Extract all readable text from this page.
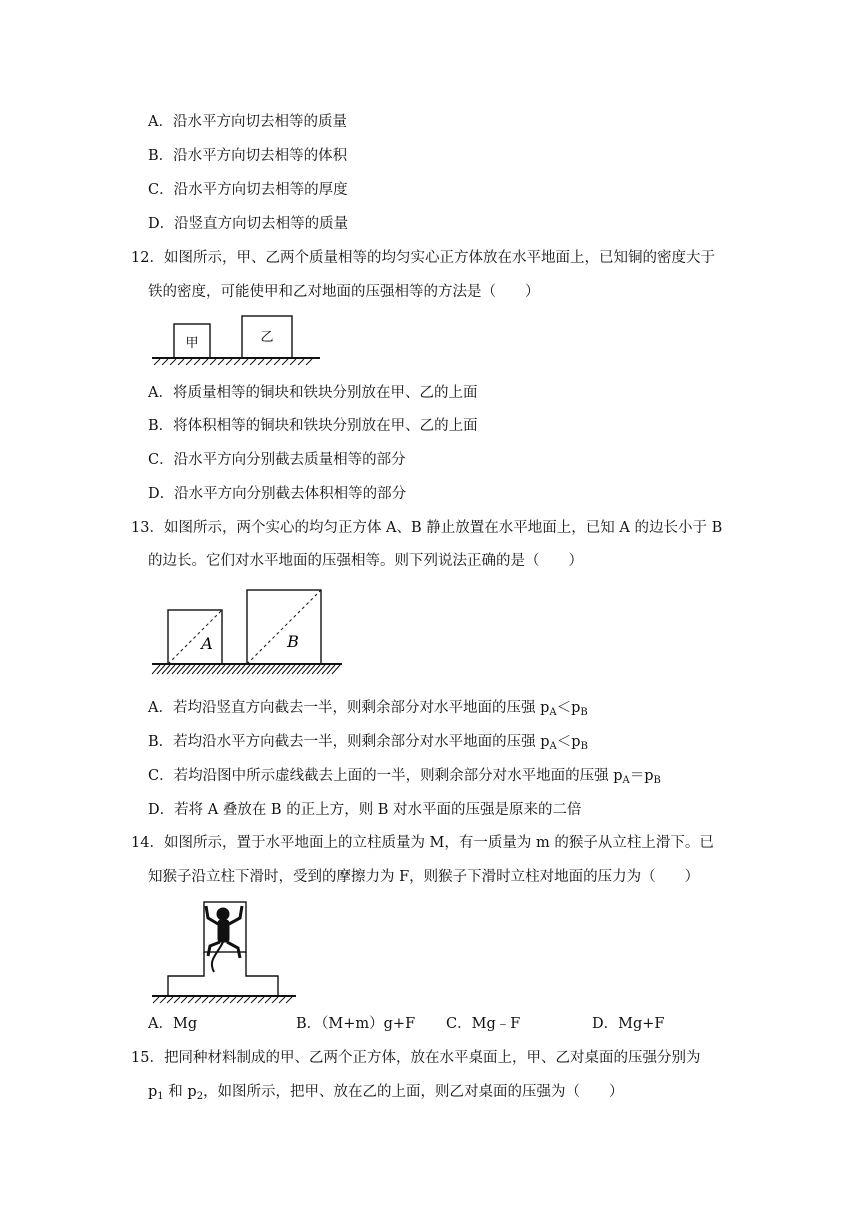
A．沿水平方向切去相等的质量
B．沿水平方向切去相等的体积
C．沿水平方向切去相等的厚度
D．沿竖直方向切去相等的质量
12．如图所示，甲、乙两个质量相等的均匀实心正方体放在水平地面上，已知铜的密度大于
铁的密度，可能使甲和乙对地面的压强相等的方法是（　　）
甲	乙
A．将质量相等的铜块和铁块分别放在甲、乙的上面
B．将体积相等的铜块和铁块分别放在甲、乙的上面
C．沿水平方向分别截去质量相等的部分
D．沿水平方向分别截去体积相等的部分
13．如图所示，两个实心的均匀正方体 A、B 静止放置在水平地面上，已知 A 的边长小于 B
的边长。它们对水平地面的压强相等。则下列说法正确的是（　　）
A	B
A．若均沿竖直方向截去一半，则剩余部分对水平地面的压强 $p_A<p_B$
B．若均沿水平方向截去一半，则剩余部分对水平地面的压强 $p_A<p_B$
C．若均沿图中所示虚线截去上面的一半，则剩余部分对水平地面的压强 $p_A=p_B$
D．若将 A 叠放在 B 的正上方，则 B 对水平面的压强是原来的二倍
14．如图所示，置于水平地面上的立柱质量为 M，有一质量为 m 的猴子从立柱上滑下。已
知猴子沿立柱下滑时，受到的摩擦力为 F，则猴子下滑时立柱对地面的压力为（　　）
A．Mg	B．（M+m）g+F C．Mg﹣F	D．Mg+F
15．把同种材料制成的甲、乙两个正方体，放在水平桌面上，甲、乙对桌面的压强分别为
$p_1$ 和 $p_2$，如图所示，把甲、放在乙的上面，则乙对桌面的压强为（　　）
